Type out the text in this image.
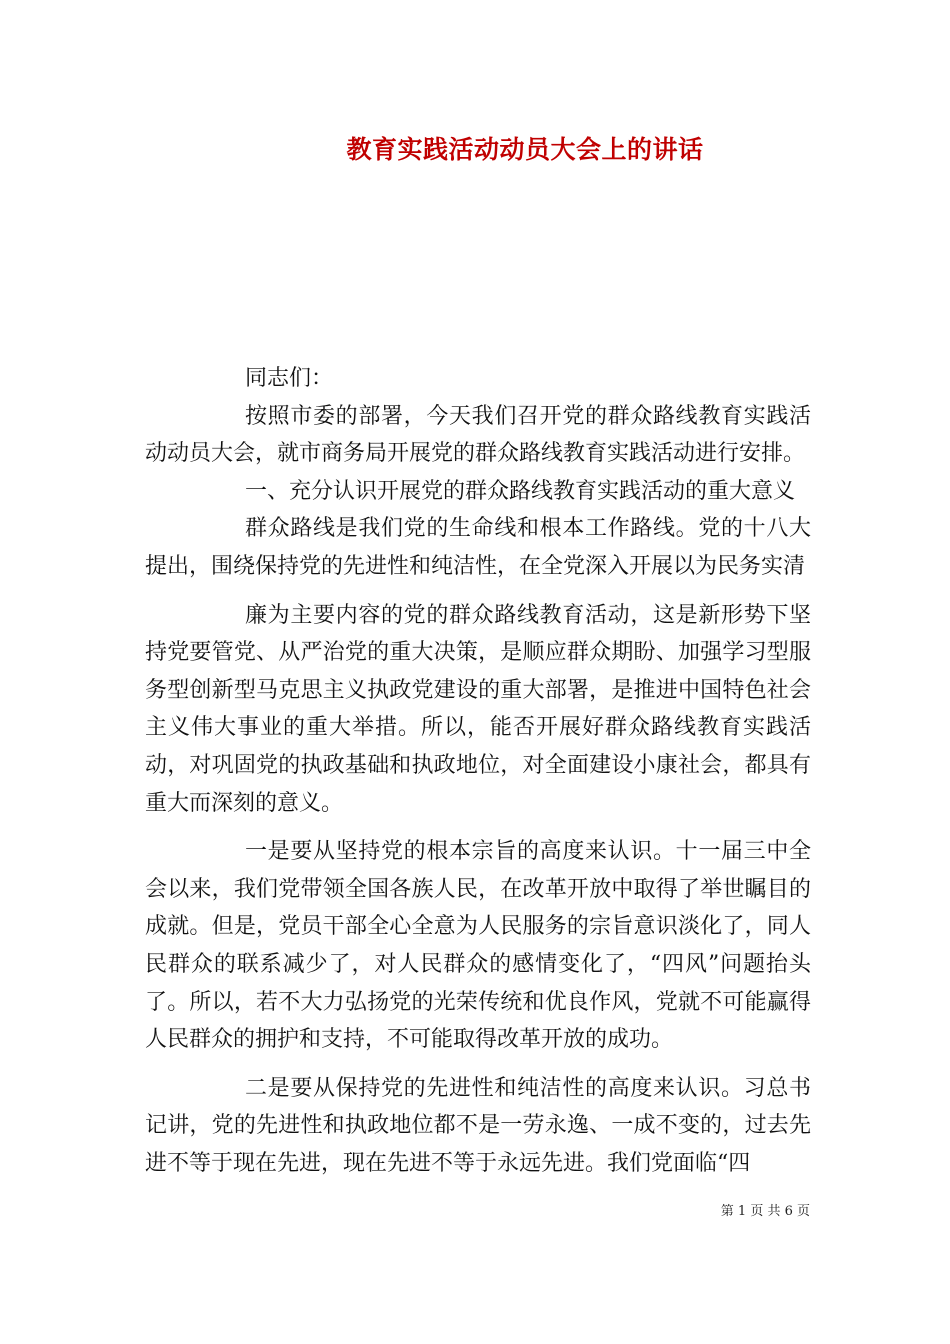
教育实践活动动员大会上的讲话

同志们：

按照市委的部署，今天我们召开党的群众路线教育实践活动动员大会，就市商务局开展党的群众路线教育实践活动进行安排。

一、充分认识开展党的群众路线教育实践活动的重大意义

群众路线是我们党的生命线和根本工作路线。党的十八大提出，围绕保持党的先进性和纯洁性，在全党深入开展以为民务实清

廉为主要内容的党的群众路线教育活动，这是新形势下坚持党要管党、从严治党的重大决策，是顺应群众期盼、加强学习型服务型创新型马克思主义执政党建设的重大部署，是推进中国特色社会主义伟大事业的重大举措。所以，能否开展好群众路线教育实践活动，对巩固党的执政基础和执政地位，对全面建设小康社会，都具有重大而深刻的意义。

一是要从坚持党的根本宗旨的高度来认识。十一届三中全会以来，我们党带领全国各族人民，在改革开放中取得了举世瞩目的成就。但是，党员干部全心全意为人民服务的宗旨意识淡化了，同人民群众的联系减少了，对人民群众的感情变化了，“四风”问题抬头了。所以，若不大力弘扬党的光荣传统和优良作风，党就不可能赢得人民群众的拥护和支持，不可能取得改革开放的成功。

二是要从保持党的先进性和纯洁性的高度来认识。习总书记讲，党的先进性和执政地位都不是一劳永逸、一成不变的，过去先进不等于现在先进，现在先进不等于永远先进。我们党面临“四

第 1 页 共 6 页
